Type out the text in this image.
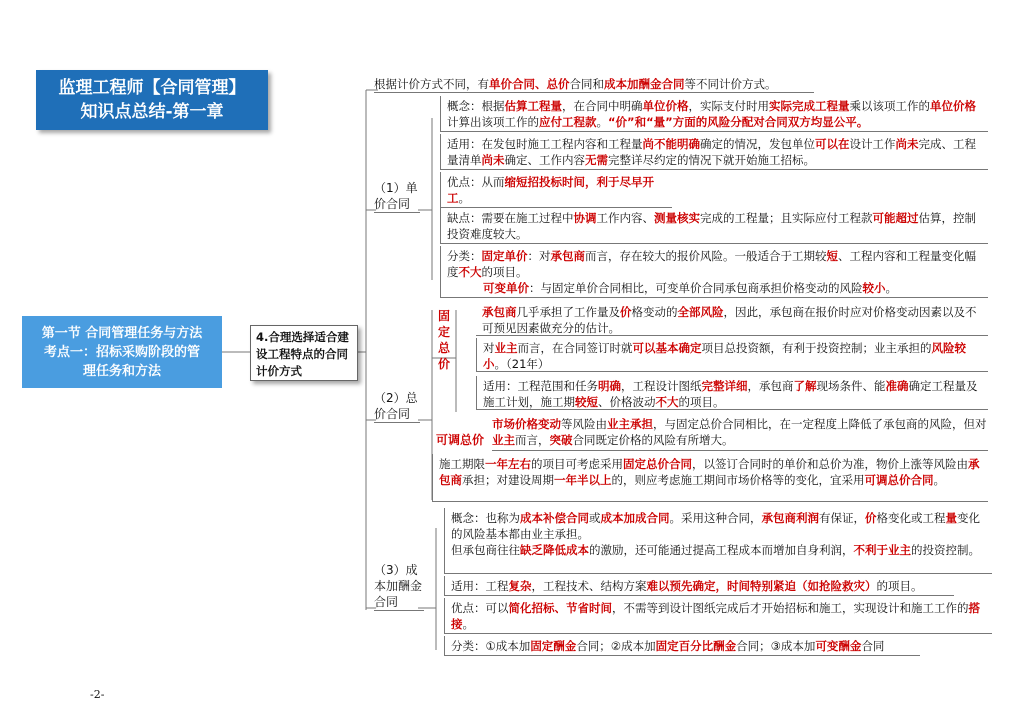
监理工程师【合同管理】
知识点总结-第一章
第一节 合同管理任务与方法
考点一：招标采购阶段的管
理任务和方法
4.合理选择适合建设工程特点的合同计价方式
根据计价方式不同，有单价合同、总价合同和成本加酬金合同等不同计价方式。
（1）单价合同
概念：根据估算工程量，在合同中明确单位价格，实际支付时用实际完成工程量乘以该项工作的单位价格计算出该项工作的应付工程款。“价”和“量”方面的风险分配对合同双方均显公平。
适用：在发包时施工工程内容和工程量尚不能明确确定的情况，发包单位可以在设计工作尚未完成、工程量清单尚未确定、工作内容无需完整详尽约定的情况下就开始施工招标。
优点：从而缩短招投标时间，利于尽早开工。
缺点：需要在施工过程中协调工作内容、测量核实完成的工程量；且实际应付工程款可能超过估算，控制投资难度较大。
分类：固定单价：对承包商而言，存在较大的报价风险。一般适合于工期较短、工程内容和工程量变化幅度不大的项目。
可变单价：与固定单价合同相比，可变单价合同承包商承担价格变动的风险较小。
（2）总价合同
固定总价
承包商几乎承担了工作量及价格变动的全部风险，因此，承包商在报价时应对价格变动因素以及不可预见因素做充分的估计。
对业主而言，在合同签订时就可以基本确定项目总投资额，有利于投资控制；业主承担的风险较小。（21年）
适用：工程范围和任务明确，工程设计图纸完整详细，承包商了解现场条件、能准确确定工程量及施工计划，施工期较短、价格波动不大的项目。
可调总价
市场价格变动等风险由业主承担，与固定总价合同相比，在一定程度上降低了承包商的风险，但对业主而言，突破合同既定价格的风险有所增大。
施工期限一年左右的项目可考虑采用固定总价合同，以签订合同时的单价和总价为准，物价上涨等风险由承包商承担；对建设周期一年半以上的，则应考虑施工期间市场价格等的变化，宜采用可调总价合同。
（3）成本加酬金合同
概念：也称为成本补偿合同或成本加成合同。采用这种合同，承包商利润有保证，价格变化或工程量变化的风险基本都由业主承担。
但承包商往往缺乏降低成本的激励，还可能通过提高工程成本而增加自身利润，不利于业主的投资控制。
适用：工程复杂，工程技术、结构方案难以预先确定，时间特别紧迫（如抢险救灾）的项目。
优点：可以简化招标、节省时间，不需等到设计图纸完成后才开始招标和施工，实现设计和施工工作的搭接。
分类：①成本加固定酬金合同；②成本加固定百分比酬金合同；③成本加可变酬金合同
-2-
